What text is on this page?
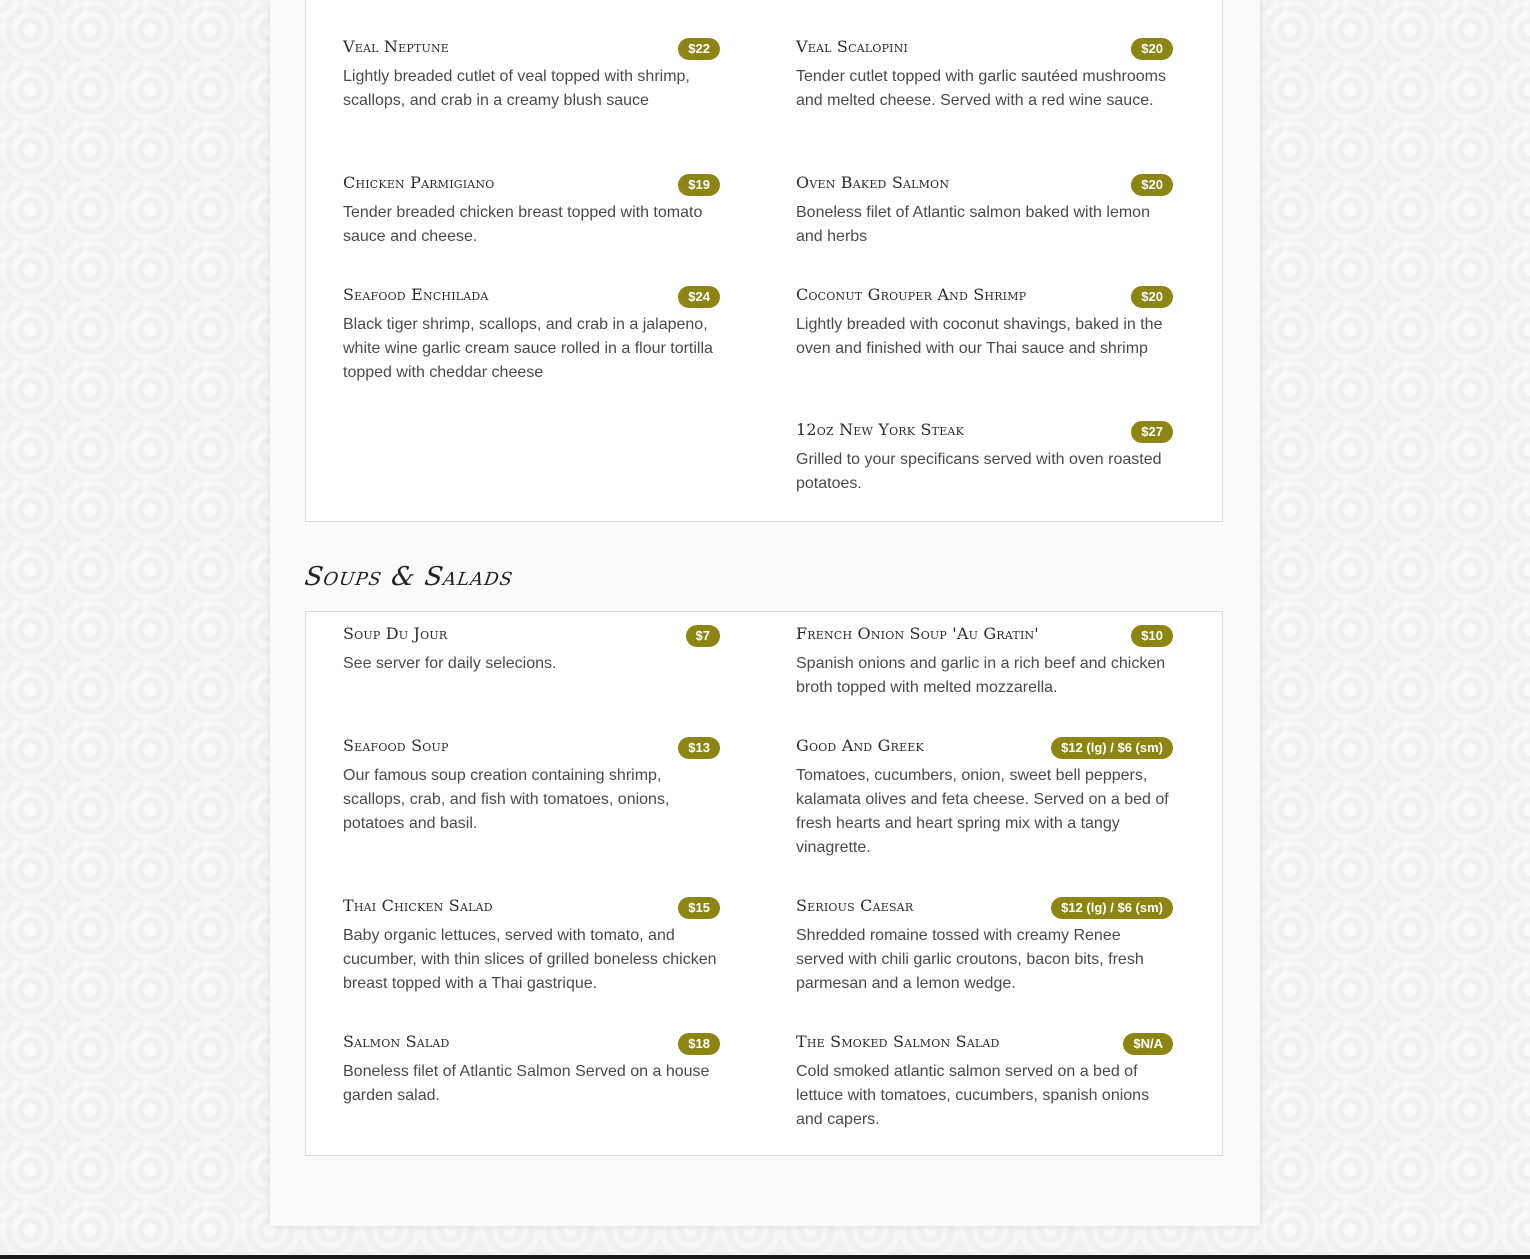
Veal Neptune	$22
Lightly breaded cutlet of veal topped with shrimp, scallops, and crab in a creamy blush sauce
Veal Scalopini	$20
Tender cutlet topped with garlic sautéed mushrooms and melted cheese. Served with a red wine sauce.
Chicken Parmigiano	$19
Tender breaded chicken breast topped with tomato sauce and cheese.
Oven Baked Salmon	$20
Boneless filet of Atlantic salmon baked with lemon and herbs
Seafood Enchilada	$24
Black tiger shrimp, scallops, and crab in a jalapeno, white wine garlic cream sauce rolled in a flour tortilla topped with cheddar cheese
Coconut Grouper And Shrimp	$20
Lightly breaded with coconut shavings, baked in the oven and finished with our Thai sauce and shrimp
12oz New York Steak	$27
Grilled to your specificans served with oven roasted potatoes.
Soups & Salads
Soup Du Jour	$7
See server for daily selecions.
French Onion Soup 'Au Gratin'	$10
Spanish onions and garlic in a rich beef and chicken broth topped with melted mozzarella.
Seafood Soup	$13
Our famous soup creation containing shrimp, scallops, crab, and fish with tomatoes, onions, potatoes and basil.
Good And Greek	$12 (lg) / $6 (sm)
Tomatoes, cucumbers, onion, sweet bell peppers, kalamata olives and feta cheese. Served on a bed of fresh hearts and heart spring mix with a tangy vinagrette.
Thai Chicken Salad	$15
Baby organic lettuces, served with tomato, and cucumber, with thin slices of grilled boneless chicken breast topped with a Thai gastrique.
Serious Caesar	$12 (lg) / $6 (sm)
Shredded romaine tossed with creamy Renee served with chili garlic croutons, bacon bits, fresh parmesan and a lemon wedge.
Salmon Salad	$18
Boneless filet of Atlantic Salmon Served on a house garden salad.
The Smoked Salmon Salad	$N/A
Cold smoked atlantic salmon served on a bed of lettuce with tomatoes, cucumbers, spanish onions and capers.
